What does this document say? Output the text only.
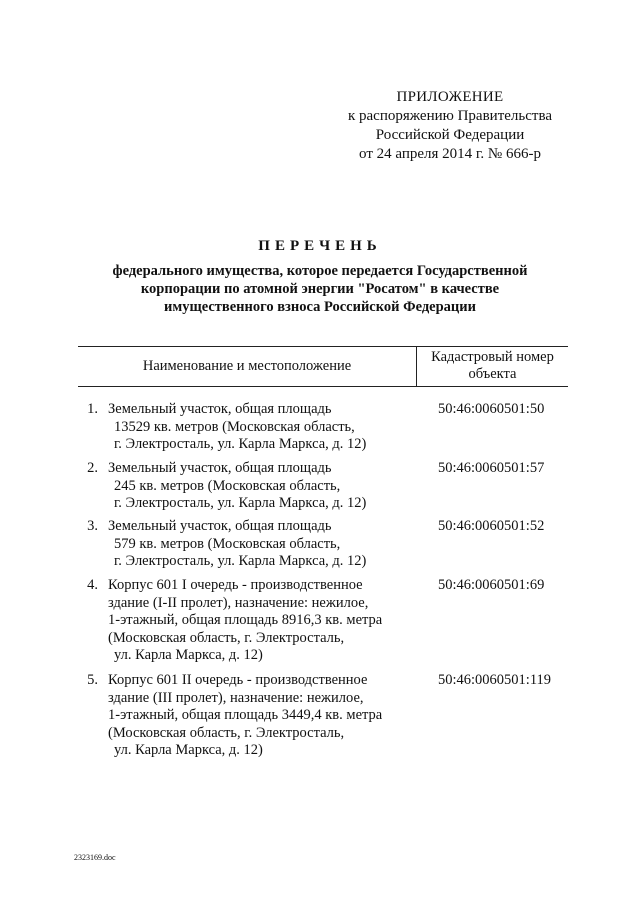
ПРИЛОЖЕНИЕ
к распоряжению Правительства
Российской Федерации
от 24 апреля 2014 г. № 666-р
ПЕРЕЧЕНЬ
федерального имущества, которое передается Государственной
корпорации по атомной энергии "Росатом" в качестве
имущественного взноса Российской Федерации
Наименование и местоположение
Кадастровый номер
объекта
1. Земельный участок, общая площадь
13529 кв. метров (Московская область,
г. Электросталь, ул. Карла Маркса, д. 12)
50:46:0060501:50
2. Земельный участок, общая площадь
245 кв. метров (Московская область,
г. Электросталь, ул. Карла Маркса, д. 12)
50:46:0060501:57
3. Земельный участок, общая площадь
579 кв. метров (Московская область,
г. Электросталь, ул. Карла Маркса, д. 12)
50:46:0060501:52
4. Корпус 601 I очередь - производственное
здание (I-II пролет), назначение: нежилое,
1-этажный, общая площадь 8916,3 кв. метра
(Московская область, г. Электросталь,
ул. Карла Маркса, д. 12)
50:46:0060501:69
5. Корпус 601 II очередь - производственное
здание (III пролет), назначение: нежилое,
1-этажный, общая площадь 3449,4 кв. метра
(Московская область, г. Электросталь,
ул. Карла Маркса, д. 12)
50:46:0060501:119
2323169.doc
